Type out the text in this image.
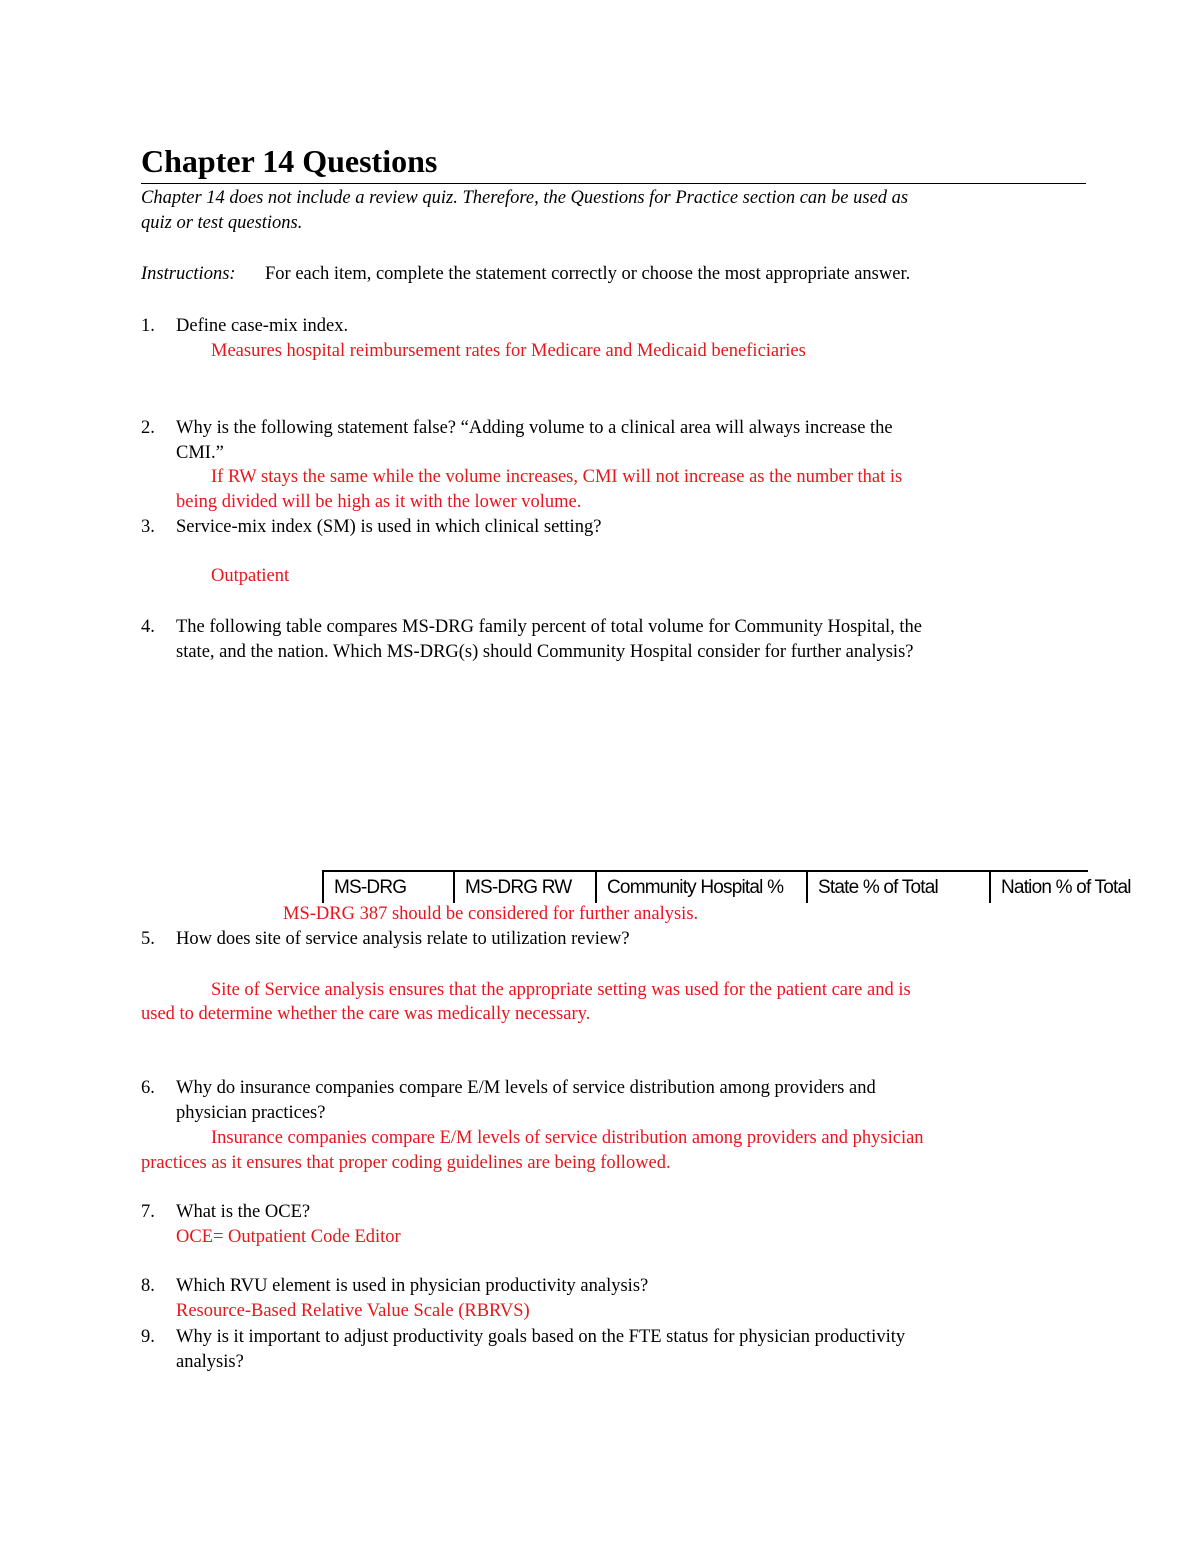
Chapter 14 Questions
Chapter 14 does not include a review quiz. Therefore, the Questions for Practice section can be used as
quiz or test questions.
Instructions: For each item, complete the statement correctly or choose the most appropriate answer.
1. Define case-mix index.
Measures hospital reimbursement rates for Medicare and Medicaid beneficiaries
2. Why is the following statement false? “Adding volume to a clinical area will always increase the
CMI.”
If RW stays the same while the volume increases, CMI will not increase as the number that is
being divided will be high as it with the lower volume.
3. Service-mix index (SM) is used in which clinical setting?
Outpatient
4. The following table compares MS-DRG family percent of total volume for Community Hospital, the
state, and the nation. Which MS-DRG(s) should Community Hospital consider for further analysis?
MS-DRG	MS-DRG RW	Community Hospital %	State % of Total	Nation % of Total
MS-DRG 387 should be considered for further analysis.
5. How does site of service analysis relate to utilization review?
Site of Service analysis ensures that the appropriate setting was used for the patient care and is
used to determine whether the care was medically necessary.
6. Why do insurance companies compare E/M levels of service distribution among providers and
physician practices?
Insurance companies compare E/M levels of service distribution among providers and physician
practices as it ensures that proper coding guidelines are being followed.
7. What is the OCE?
OCE= Outpatient Code Editor
8. Which RVU element is used in physician productivity analysis?
Resource-Based Relative Value Scale (RBRVS)
9. Why is it important to adjust productivity goals based on the FTE status for physician productivity
analysis?
